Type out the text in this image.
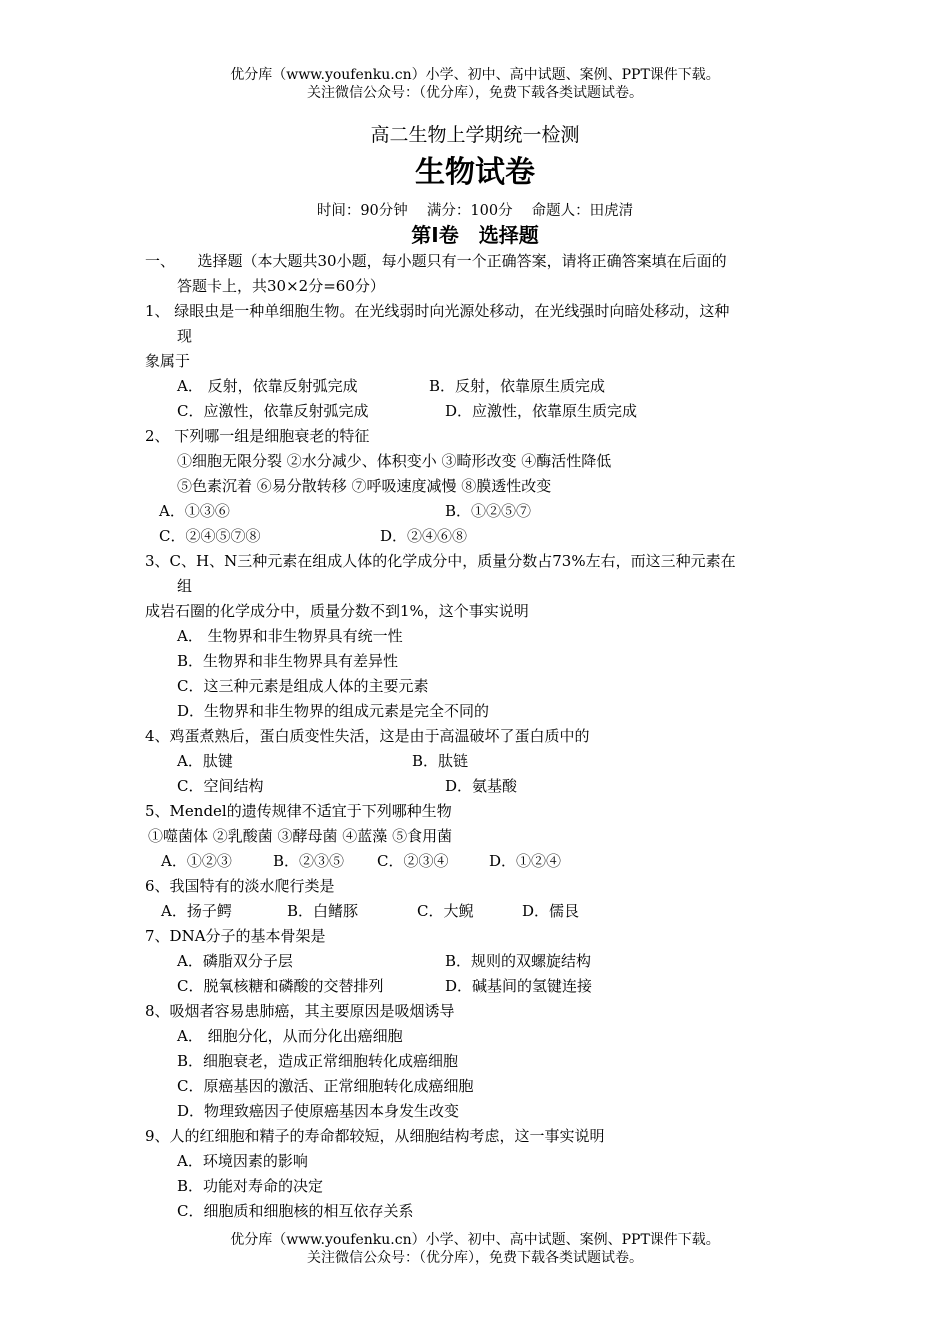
优分库（www.youfenku.cn）小学、初中、高中试题、案例、PPT课件下载。
关注微信公众号：（优分库），免费下载各类试题试卷。
高二生物上学期统一检测
生物试卷
时间：90分钟　 满分：100分　 命题人：田虎清
第Ⅰ卷　选择题
一、　　选择题（本大题共30小题，每小题只有一个正确答案，请将正确答案填在后面的
答题卡上，共30×2分=60分）
1、 绿眼虫是一种单细胞生物。在光线弱时向光源处移动，在光线强时向暗处移动，这种
现
象属于
A． 反射，依靠反射弧完成	B．反射，依靠原生质完成
C．应激性，依靠反射弧完成	D．应激性，依靠原生质完成
2、 下列哪一组是细胞衰老的特征
①细胞无限分裂 ②水分减少、体积变小 ③畸形改变 ④酶活性降低
⑤色素沉着 ⑥易分散转移 ⑦呼吸速度减慢 ⑧膜透性改变
A．①③⑥	B．①②⑤⑦
C．②④⑤⑦⑧	D．②④⑥⑧
3、C、H、N三种元素在组成人体的化学成分中，质量分数占73%左右，而这三种元素在
组
成岩石圈的化学成分中，质量分数不到1%，这个事实说明
A． 生物界和非生物界具有统一性
B．生物界和非生物界具有差异性
C．这三种元素是组成人体的主要元素
D．生物界和非生物界的组成元素是完全不同的
4、鸡蛋煮熟后，蛋白质变性失活，这是由于高温破坏了蛋白质中的
A．肽键	B．肽链
C．空间结构	D．氨基酸
5、Mendel的遗传规律不适宜于下列哪种生物
①噬菌体 ②乳酸菌 ③酵母菌 ④蓝藻 ⑤食用菌
A．①②③	B．②③⑤ C．②③④	D．①②④
6、我国特有的淡水爬行类是
A．扬子鳄	B．白鳍豚	C．大鲵	D．儒艮
7、DNA分子的基本骨架是
A．磷脂双分子层	B．规则的双螺旋结构
C．脱氧核糖和磷酸的交替排列	D．碱基间的氢键连接
8、吸烟者容易患肺癌，其主要原因是吸烟诱导
A． 细胞分化，从而分化出癌细胞
B．细胞衰老，造成正常细胞转化成癌细胞
C．原癌基因的激活、正常细胞转化成癌细胞
D．物理致癌因子使原癌基因本身发生改变
9、人的红细胞和精子的寿命都较短，从细胞结构考虑，这一事实说明
A．环境因素的影响
B．功能对寿命的决定
C．细胞质和细胞核的相互依存关系
优分库（www.youfenku.cn）小学、初中、高中试题、案例、PPT课件下载。
关注微信公众号：（优分库），免费下载各类试题试卷。
